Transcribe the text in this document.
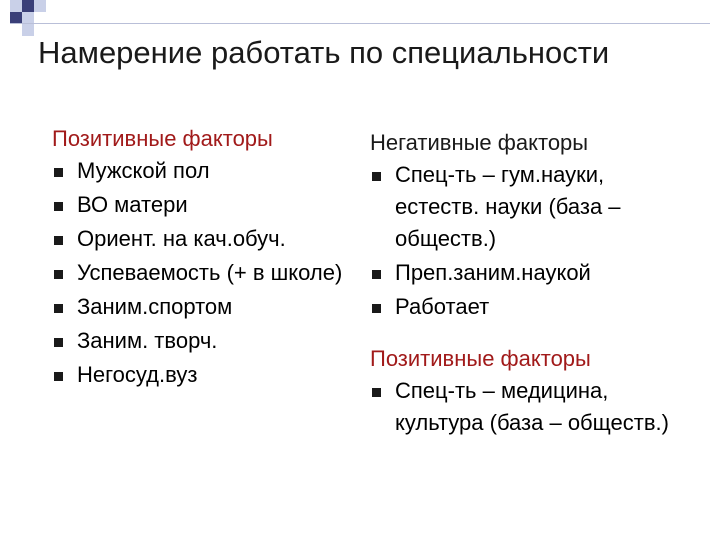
Намерение работать по специальности
Позитивные факторы
Мужской пол
ВО матери
Ориент. на кач.обуч.
Успеваемость (+ в школе)
Заним.спортом
Заним. творч.
Негосуд.вуз
Негативные факторы
Спец-ть – гум.науки, естеств. науки (база – обществ.)
Преп.заним.наукой
Работает
Позитивные факторы
Спец-ть – медицина, культура (база – обществ.)
